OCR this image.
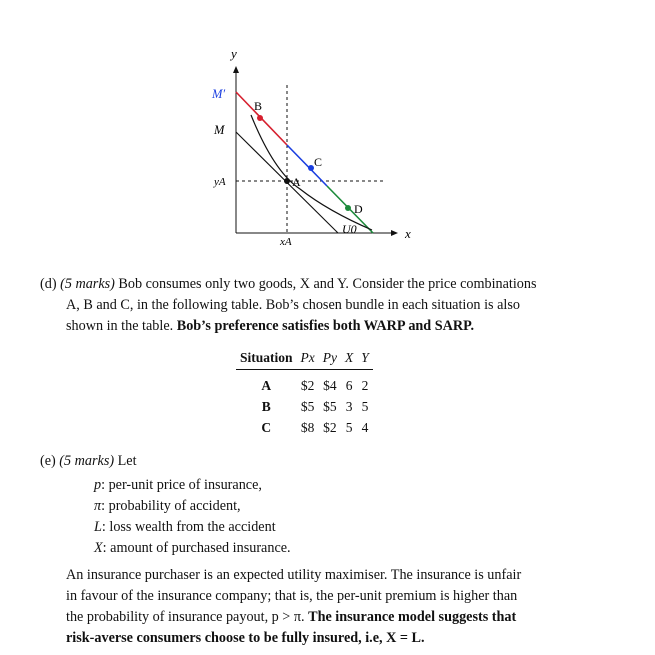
y
x
M′
M
yA
xA
A
B
C
D
U0
(d) (5 marks) Bob consumes only two goods, X and Y. Consider the price combinations
A, B and C, in the following table. Bob’s chosen bundle in each situation is also
shown in the table. Bob’s preference satisfies both WARP and SARP.
Situation	Px	Py	X	Y
A	$2	$4	6	2
B	$5	$5	3	5
C	$8	$2	5	4
(e) (5 marks) Let
p: per-unit price of insurance,
π: probability of accident,
L: loss wealth from the accident
X: amount of purchased insurance.
An insurance purchaser is an expected utility maximiser. The insurance is unfair
in favour of the insurance company; that is, the per-unit premium is higher than
the probability of insurance payout, p > π. The insurance model suggests that
risk-averse consumers choose to be fully insured, i.e, X = L.
